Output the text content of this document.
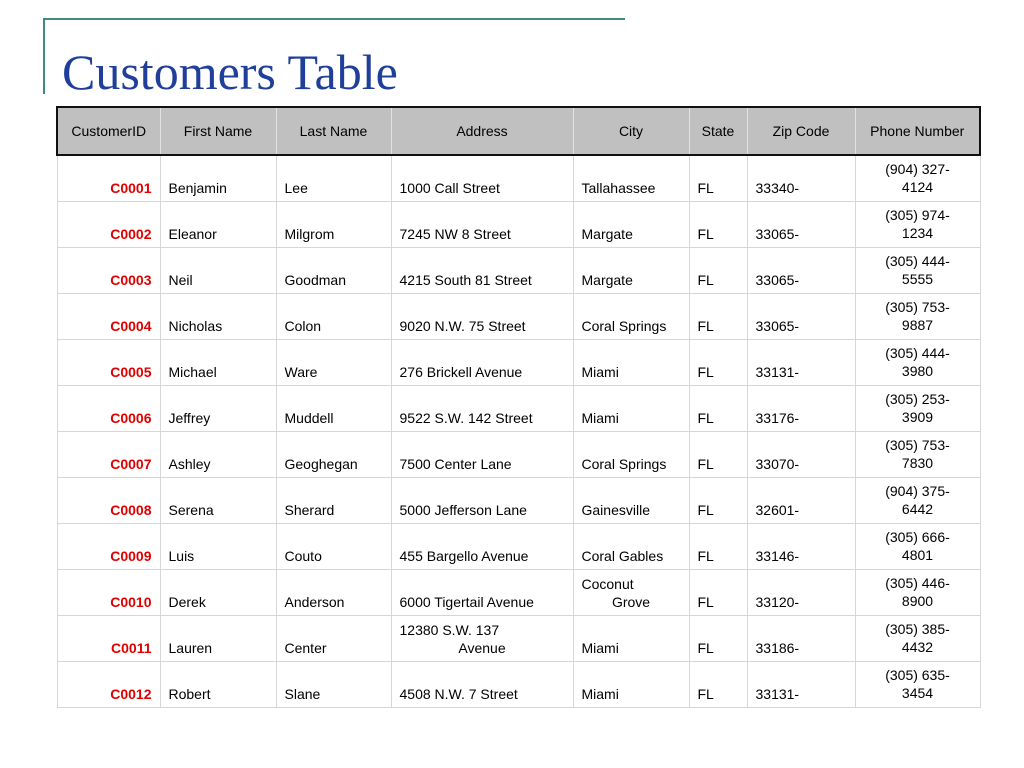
Customers Table
CustomerID	First Name	Last Name	Address	City	State	Zip Code	Phone Number
C0001	Benjamin	Lee	1000 Call Street	Tallahassee	FL	33340-	(904) 327-
4124
C0002	Eleanor	Milgrom	7245 NW 8 Street	Margate	FL	33065-	(305) 974-
1234
C0003	Neil	Goodman	4215 South 81 Street	Margate	FL	33065-	(305) 444-
5555
C0004	Nicholas	Colon	9020 N.W. 75 Street	Coral Springs	FL	33065-	(305) 753-
9887
C0005	Michael	Ware	276 Brickell Avenue	Miami	FL	33131-	(305) 444-
3980
C0006	Jeffrey	Muddell	9522 S.W. 142 Street	Miami	FL	33176-	(305) 253-
3909
C0007	Ashley	Geoghegan	7500 Center Lane	Coral Springs	FL	33070-	(305) 753-
7830
C0008	Serena	Sherard	5000 Jefferson Lane	Gainesville	FL	32601-	(904) 375-
6442
C0009	Luis	Couto	455 Bargello Avenue	Coral Gables	FL	33146-	(305) 666-
4801
C0010	Derek	Anderson	6000 Tigertail Avenue	Coconut
Grove	FL	33120-	(305) 446-
8900
C0011	Lauren	Center	12380 S.W. 137
Avenue	Miami	FL	33186-	(305) 385-
4432
C0012	Robert	Slane	4508 N.W. 7 Street	Miami	FL	33131-	(305) 635-
3454
